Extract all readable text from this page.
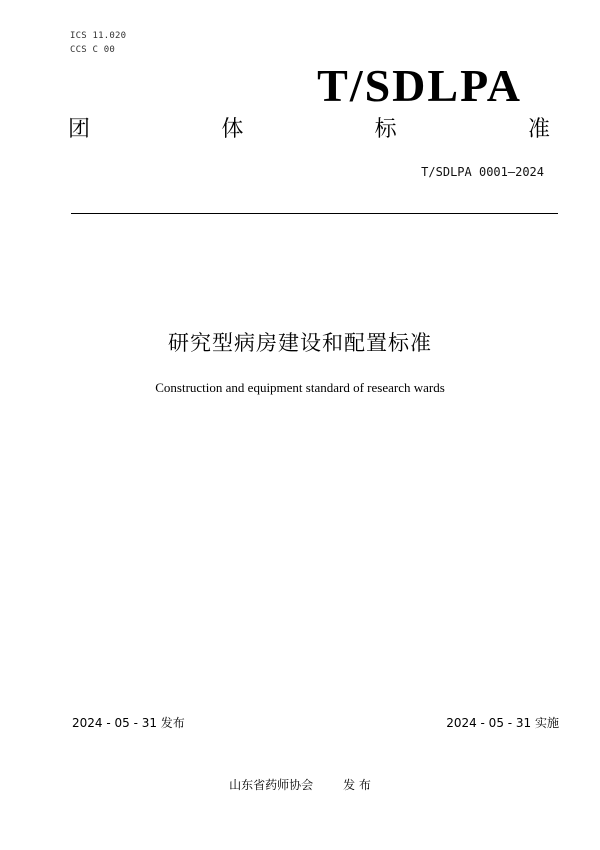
ICS 11.020
CCS C 00
T/SDLPA
团	体	标	准
T/SDLPA 0001—2024
研究型病房建设和配置标准
Construction and equipment standard of research wards
2024 - 05 - 31 发布	2024 - 05 - 31 实施
山东省药师协会	发 布
